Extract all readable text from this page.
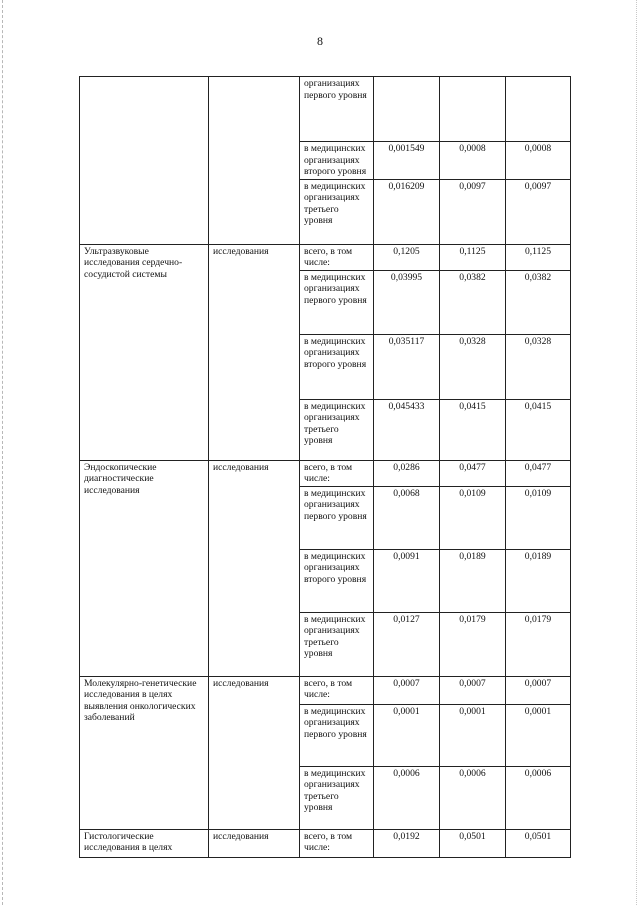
8
		организациях первого уровня			
		в медицинских организациях второго уровня	0,001549	0,0008	0,0008
		в медицинских организациях третьего уровня	0,016209	0,0097	0,0097
Ультразвуковые исследования сердечно-сосудистой системы	исследования	всего, в том числе:	0,1205	0,1125	0,1125
		в медицинских организациях первого уровня	0,03995	0,0382	0,0382
		в медицинских организациях второго уровня	0,035117	0,0328	0,0328
		в медицинских организациях третьего уровня	0,045433	0,0415	0,0415
Эндоскопические диагностические исследования	исследования	всего, в том числе:	0,0286	0,0477	0,0477
		в медицинских организациях первого уровня	0,0068	0,0109	0,0109
		в медицинских организациях второго уровня	0,0091	0,0189	0,0189
		в медицинских организациях третьего уровня	0,0127	0,0179	0,0179
Молекулярно-генетические исследования в целях выявления онкологических заболеваний	исследования	всего, в том числе:	0,0007	0,0007	0,0007
		в медицинских организациях первого уровня	0,0001	0,0001	0,0001
		в медицинских организациях третьего уровня	0,0006	0,0006	0,0006
Гистологические исследования в целях	исследования	всего, в том числе:	0,0192	0,0501	0,0501
